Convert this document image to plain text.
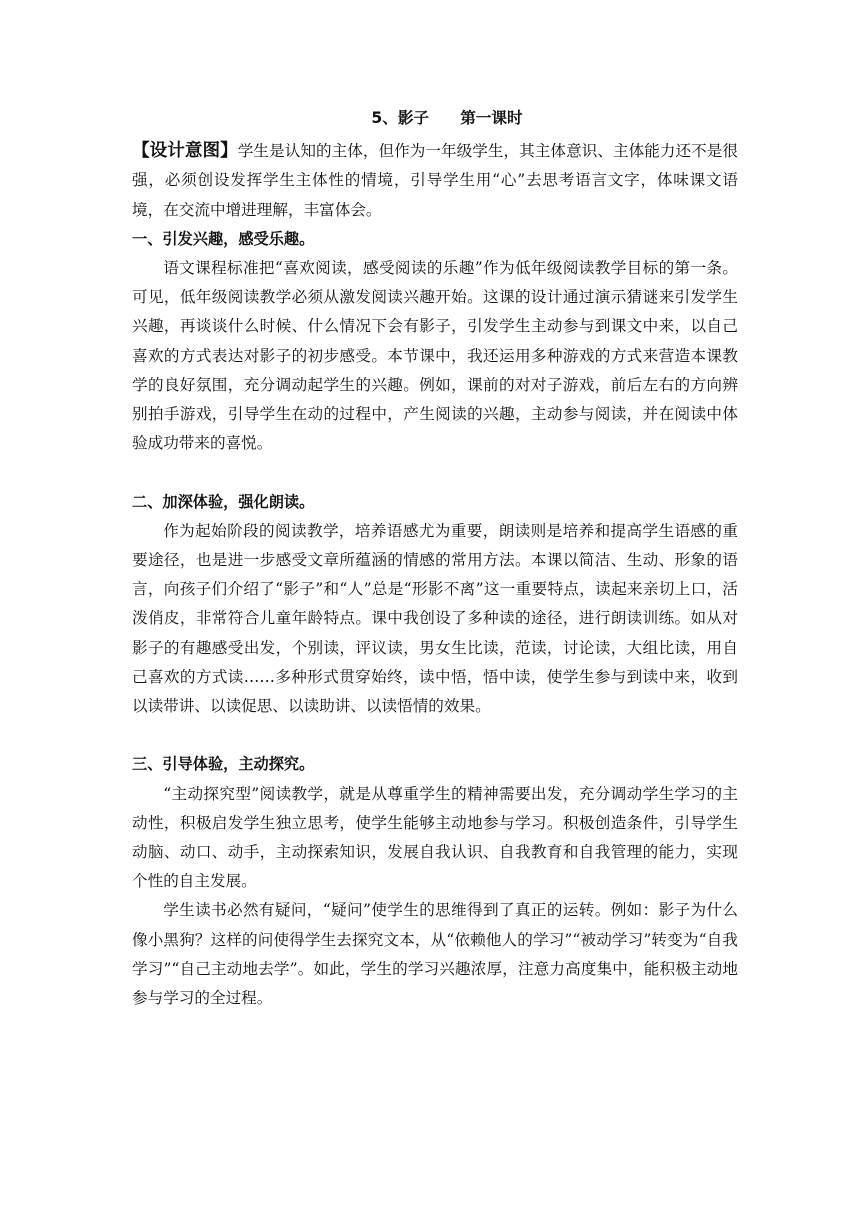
5、影子　　第一课时

【设计意图】学生是认知的主体，但作为一年级学生，其主体意识、主体能力还不是很强，必须创设发挥学生主体性的情境，引导学生用“心”去思考语言文字，体味课文语境，在交流中增进理解，丰富体会。

一、引发兴趣，感受乐趣。

语文课程标准把“喜欢阅读，感受阅读的乐趣”作为低年级阅读教学目标的第一条。可见，低年级阅读教学必须从激发阅读兴趣开始。这课的设计通过演示猜谜来引发学生兴趣，再谈谈什么时候、什么情况下会有影子，引发学生主动参与到课文中来，以自己喜欢的方式表达对影子的初步感受。本节课中，我还运用多种游戏的方式来营造本课教学的良好氛围，充分调动起学生的兴趣。例如，课前的对对子游戏，前后左右的方向辨别拍手游戏，引导学生在动的过程中，产生阅读的兴趣，主动参与阅读，并在阅读中体验成功带来的喜悦。

二、加深体验，强化朗读。

作为起始阶段的阅读教学，培养语感尤为重要，朗读则是培养和提高学生语感的重要途径，也是进一步感受文章所蕴涵的情感的常用方法。本课以简洁、生动、形象的语言，向孩子们介绍了“影子”和“人”总是“形影不离”这一重要特点，读起来亲切上口，活泼俏皮，非常符合儿童年龄特点。课中我创设了多种读的途径，进行朗读训练。如从对影子的有趣感受出发，个别读，评议读，男女生比读，范读，讨论读，大组比读，用自己喜欢的方式读……多种形式贯穿始终，读中悟，悟中读，使学生参与到读中来，收到以读带讲、以读促思、以读助讲、以读悟情的效果。

三、引导体验，主动探究。

“主动探究型”阅读教学，就是从尊重学生的精神需要出发，充分调动学生学习的主动性，积极启发学生独立思考，使学生能够主动地参与学习。积极创造条件，引导学生动脑、动口、动手，主动探索知识，发展自我认识、自我教育和自我管理的能力，实现个性的自主发展。

学生读书必然有疑问，“疑问”使学生的思维得到了真正的运转。例如：影子为什么像小黑狗？这样的问使得学生去探究文本，从“依赖他人的学习”“被动学习”转变为“自我学习”“自己主动地去学”。如此，学生的学习兴趣浓厚，注意力高度集中，能积极主动地参与学习的全过程。
